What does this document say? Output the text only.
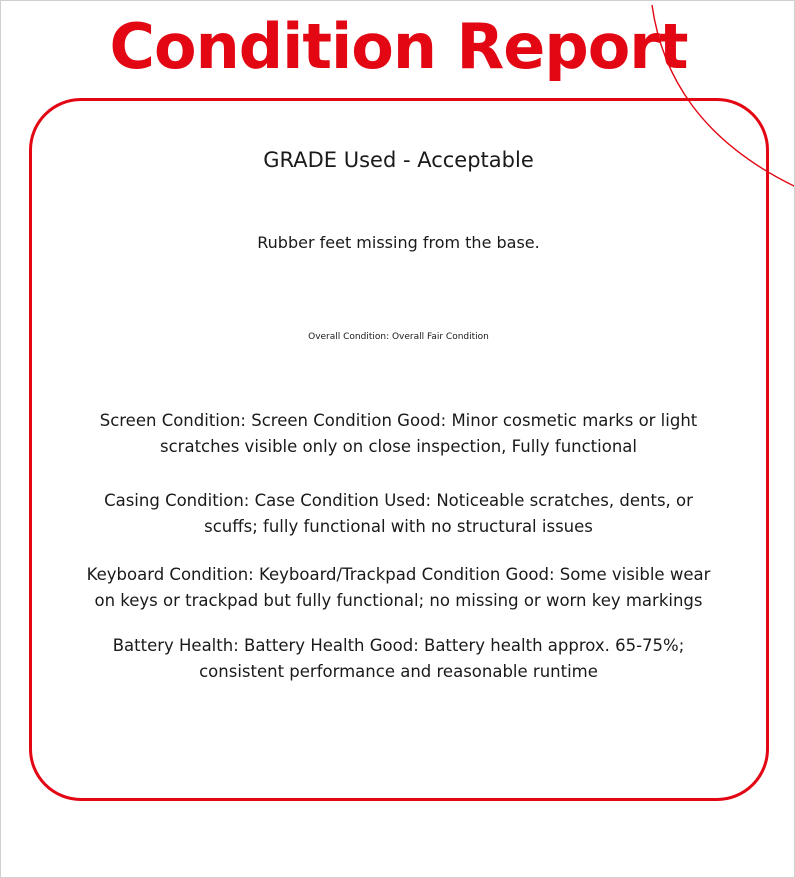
Condition Report
GRADE Used - Acceptable
Rubber feet missing from the base.
Overall Condition: Overall Fair Condition
Screen Condition: Screen Condition Good: Minor cosmetic marks or light
scratches visible only on close inspection, Fully functional
Casing Condition: Case Condition Used: Noticeable scratches, dents, or
scuffs; fully functional with no structural issues
Keyboard Condition: Keyboard/Trackpad Condition Good: Some visible wear
on keys or trackpad but fully functional; no missing or worn key markings
Battery Health: Battery Health Good: Battery health approx. 65-75%;
consistent performance and reasonable runtime
